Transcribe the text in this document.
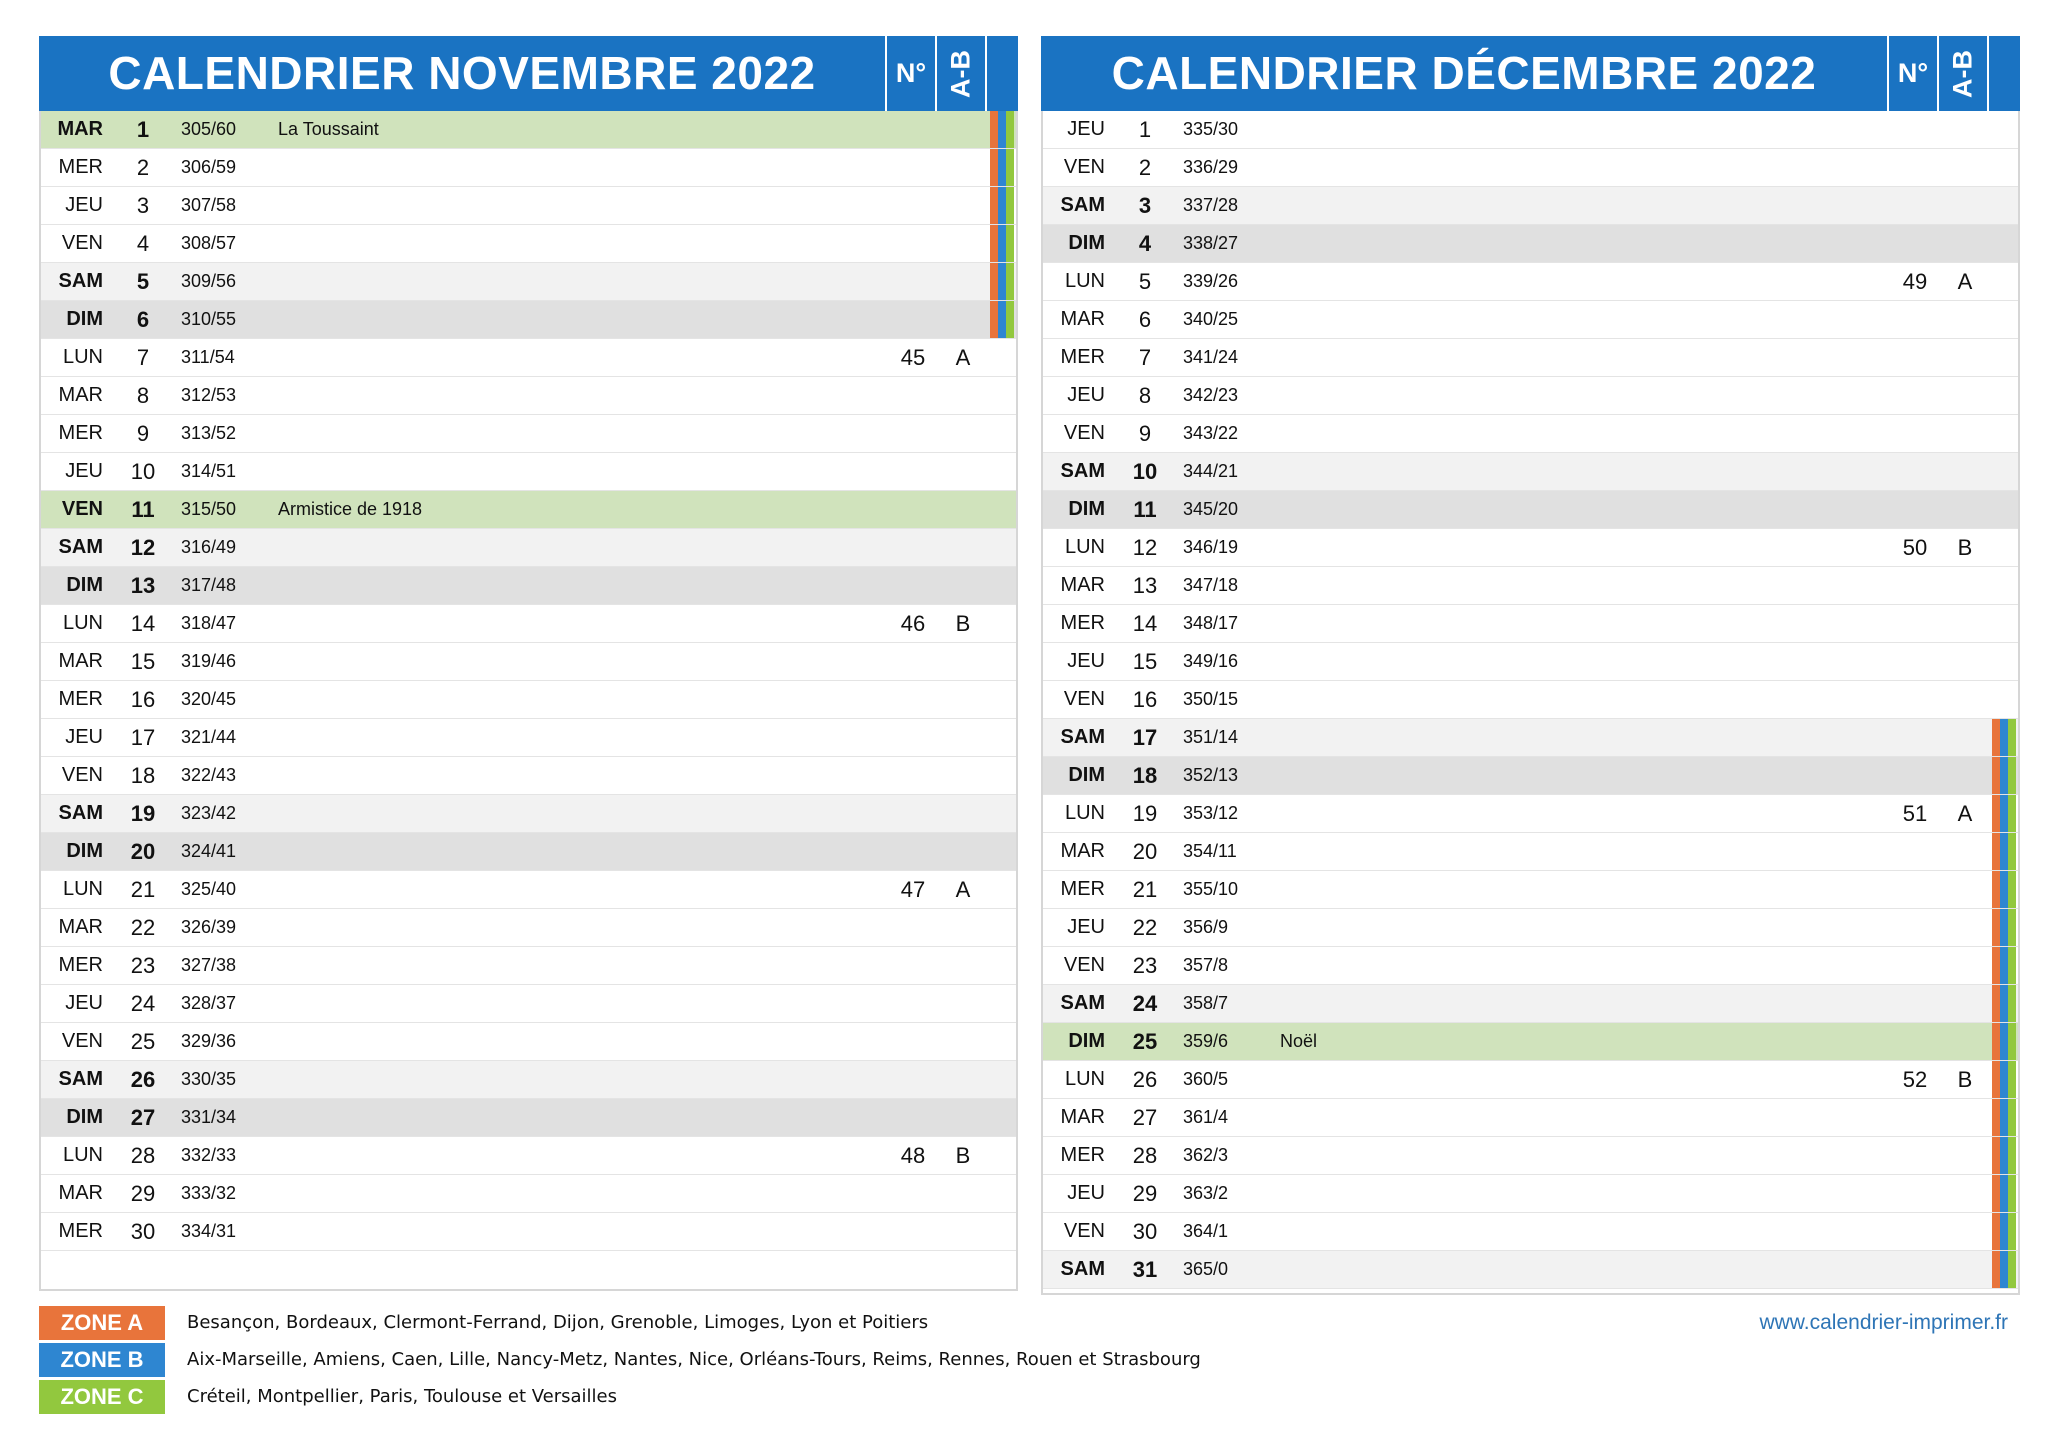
CALENDRIER NOVEMBRE 2022	N° A-B
MAR	1	305/60 La Toussaint
MER	2	306/59
JEU	3	307/58
VEN	4	308/57
SAM	5	309/56
DIM	6	310/55
LUN	7	311/54	45	A
MAR	8	312/53
MER	9	313/52
JEU	10	314/51
VEN	11	315/50 Armistice de 1918
SAM	12	316/49
DIM	13	317/48
LUN	14	318/47	46	B
MAR	15	319/46
MER	16	320/45
JEU	17	321/44
VEN	18	322/43
SAM	19	323/42
DIM	20	324/41
LUN	21	325/40	47	A
MAR	22	326/39
MER	23	327/38
JEU	24	328/37
VEN	25	329/36
SAM	26	330/35
DIM	27	331/34
LUN	28	332/33	48	B
MAR	29	333/32
MER	30	334/31
CALENDRIER DÉCEMBRE 2022	N° A-B
JEU	1	335/30
VEN	2	336/29
SAM	3	337/28
DIM	4	338/27
LUN	5	339/26	49	A
MAR	6	340/25
MER	7	341/24
JEU	8	342/23
VEN	9	343/22
SAM	10	344/21
DIM	11	345/20
LUN	12	346/19	50	B
MAR	13	347/18
MER	14	348/17
JEU	15	349/16
VEN	16	350/15
SAM	17	351/14
DIM	18	352/13
LUN	19	353/12	51	A
MAR	20	354/11
MER	21	355/10
JEU	22	356/9
VEN	23	357/8
SAM	24	358/7
DIM	25	359/6	Noël
LUN	26	360/5	52	B
MAR	27	361/4
MER	28	362/3
JEU	29	363/2
VEN	30	364/1
SAM	31	365/0
ZONE A	Besançon, Bordeaux, Clermont-Ferrand, Dijon, Grenoble, Limoges, Lyon et Poitiers
ZONE B	Aix-Marseille, Amiens, Caen, Lille, Nancy-Metz, Nantes, Nice, Orléans-Tours, Reims, Rennes, Rouen et Strasbourg
ZONE C	Créteil, Montpellier, Paris, Toulouse et Versailles
www.calendrier-imprimer.fr
